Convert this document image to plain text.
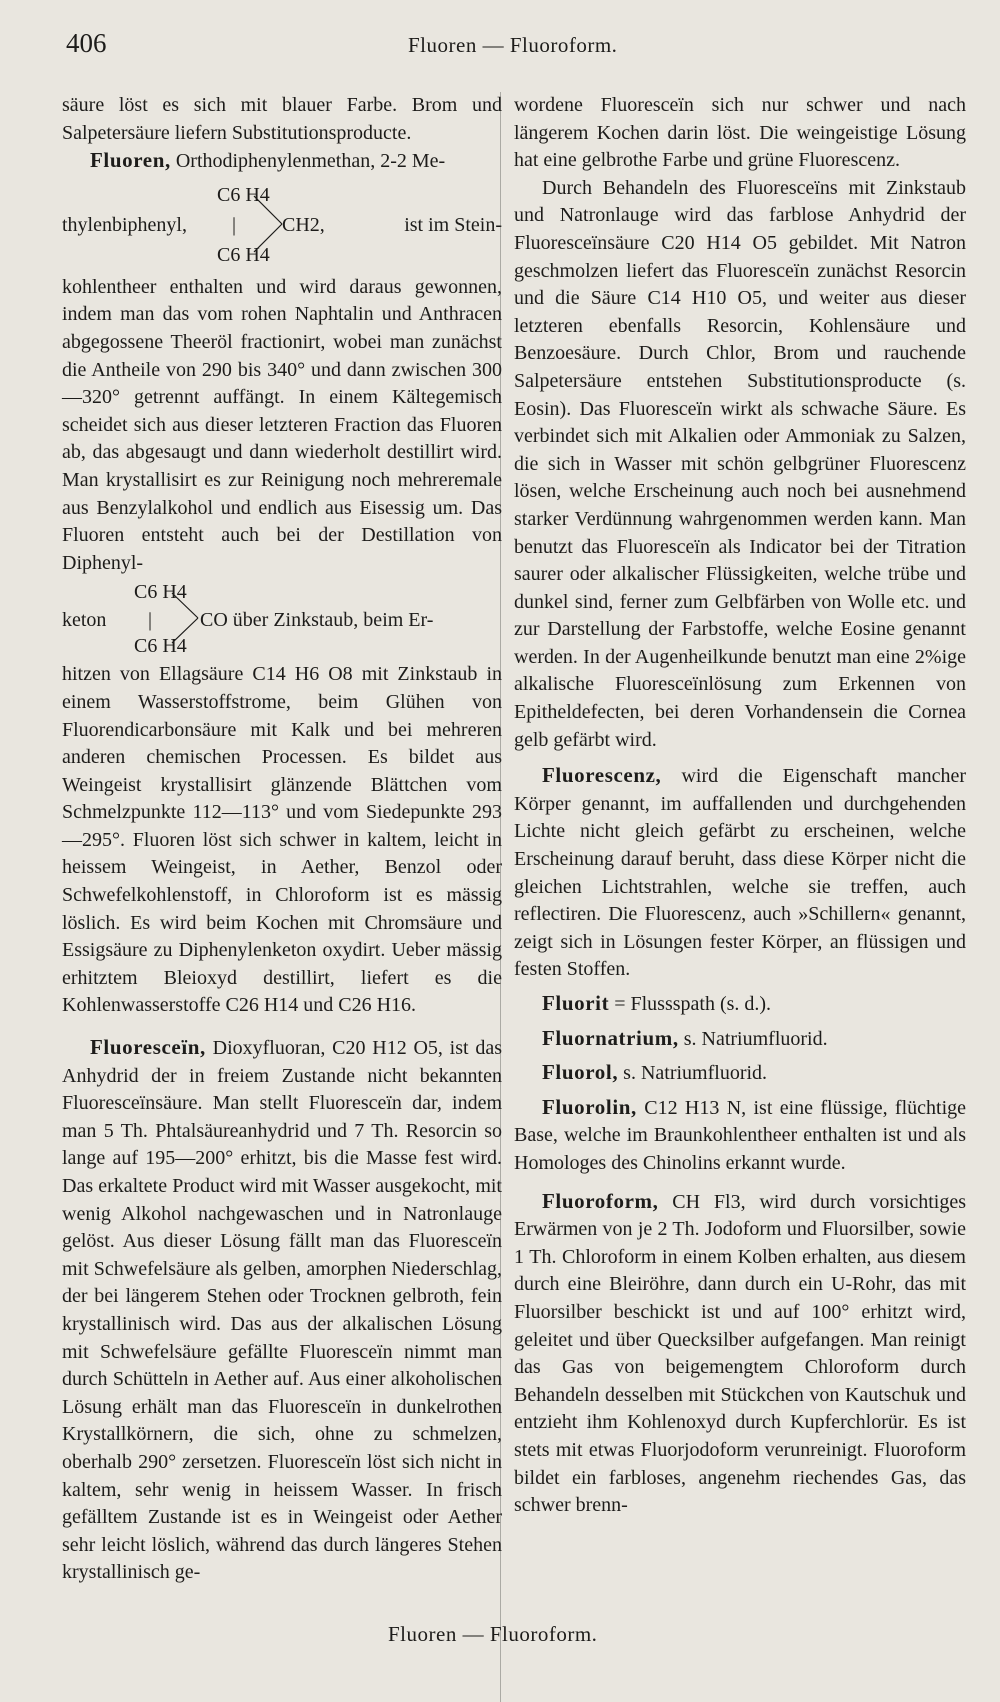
406	Fluoren — Fluoroform.

säure löst es sich mit blauer Farbe. Brom und Salpetersäure liefern Substitutionsproducte.

Fluoren, Orthodiphenylenmethan, 2-2 Me-

thylenbiphenyl,
C6 H4
|
C6 H4
CH2,	ist im Stein-

kohlentheer enthalten und wird daraus gewonnen, indem man das vom rohen Naphtalin und Anthracen abgegossene Theeröl fractionirt, wobei man zunächst die Antheile von 290 bis 340° und dann zwischen 300—320° getrennt auffängt. In einem Kältegemisch scheidet sich aus dieser letzteren Fraction das Fluoren ab, das abgesaugt und dann wiederholt destillirt wird. Man krystallisirt es zur Reinigung noch mehreremale aus Benzylalkohol und endlich aus Eisessig um. Das Fluoren entsteht auch bei der Destillation von Diphenyl-

keton
C6 H4
|
C6 H4
CO über Zinkstaub, beim Er-

hitzen von Ellagsäure C14 H6 O8 mit Zinkstaub in einem Wasserstoffstrome, beim Glühen von Fluorendicarbonsäure mit Kalk und bei mehreren anderen chemischen Processen. Es bildet aus Weingeist krystallisirt glänzende Blättchen vom Schmelzpunkte 112—113° und vom Siedepunkte 293—295°. Fluoren löst sich schwer in kaltem, leicht in heissem Weingeist, in Aether, Benzol oder Schwefelkohlenstoff, in Chloroform ist es mässig löslich. Es wird beim Kochen mit Chromsäure und Essigsäure zu Diphenylenketon oxydirt. Ueber mässig erhitztem Bleioxyd destillirt, liefert es die Kohlenwasserstoffe C26 H14 und C26 H16.

Fluoresceïn, Dioxyfluoran, C20 H12 O5, ist das Anhydrid der in freiem Zustande nicht bekannten Fluoresceïnsäure. Man stellt Fluoresceïn dar, indem man 5 Th. Phtalsäureanhydrid und 7 Th. Resorcin so lange auf 195—200° erhitzt, bis die Masse fest wird. Das erkaltete Product wird mit Wasser ausgekocht, mit wenig Alkohol nachgewaschen und in Natronlauge gelöst. Aus dieser Lösung fällt man das Fluoresceïn mit Schwefelsäure als gelben, amorphen Niederschlag, der bei längerem Stehen oder Trocknen gelbroth, fein krystallinisch wird. Das aus der alkalischen Lösung mit Schwefelsäure gefällte Fluoresceïn nimmt man durch Schütteln in Aether auf. Aus einer alkoholischen Lösung erhält man das Fluoresceïn in dunkelrothen Krystallkörnern, die sich, ohne zu schmelzen, oberhalb 290° zersetzen. Fluoresceïn löst sich nicht in kaltem, sehr wenig in heissem Wasser. In frisch gefälltem Zustande ist es in Weingeist oder Aether sehr leicht löslich, während das durch längeres Stehen krystallinisch ge-

wordene Fluoresceïn sich nur schwer und nach längerem Kochen darin löst. Die weingeistige Lösung hat eine gelbrothe Farbe und grüne Fluorescenz.

Durch Behandeln des Fluoresceïns mit Zinkstaub und Natronlauge wird das farblose Anhydrid der Fluoresceïnsäure C20 H14 O5 gebildet. Mit Natron geschmolzen liefert das Fluoresceïn zunächst Resorcin und die Säure C14 H10 O5, und weiter aus dieser letzteren ebenfalls Resorcin, Kohlensäure und Benzoesäure. Durch Chlor, Brom und rauchende Salpetersäure entstehen Substitutionsproducte (s. Eosin). Das Fluoresceïn wirkt als schwache Säure. Es verbindet sich mit Alkalien oder Ammoniak zu Salzen, die sich in Wasser mit schön gelbgrüner Fluorescenz lösen, welche Erscheinung auch noch bei ausnehmend starker Verdünnung wahrgenommen werden kann. Man benutzt das Fluoresceïn als Indicator bei der Titration saurer oder alkalischer Flüssigkeiten, welche trübe und dunkel sind, ferner zum Gelbfärben von Wolle etc. und zur Darstellung der Farbstoffe, welche Eosine genannt werden. In der Augenheilkunde benutzt man eine 2%ige alkalische Fluoresceïnlösung zum Erkennen von Epitheldefecten, bei deren Vorhandensein die Cornea gelb gefärbt wird.

Fluorescenz, wird die Eigenschaft mancher Körper genannt, im auffallenden und durchgehenden Lichte nicht gleich gefärbt zu erscheinen, welche Erscheinung darauf beruht, dass diese Körper nicht die gleichen Lichtstrahlen, welche sie treffen, auch reflectiren. Die Fluorescenz, auch »Schillern« genannt, zeigt sich in Lösungen fester Körper, an flüssigen und festen Stoffen.

Fluorit = Flussspath (s. d.).

Fluornatrium, s. Natriumfluorid.

Fluorol, s. Natriumfluorid.

Fluorolin, C12 H13 N, ist eine flüssige, flüchtige Base, welche im Braunkohlentheer enthalten ist und als Homologes des Chinolins erkannt wurde.

Fluoroform, CH Fl3, wird durch vorsichtiges Erwärmen von je 2 Th. Jodoform und Fluorsilber, sowie 1 Th. Chloroform in einem Kolben erhalten, aus diesem durch eine Bleiröhre, dann durch ein U-Rohr, das mit Fluorsilber beschickt ist und auf 100° erhitzt wird, geleitet und über Quecksilber aufgefangen. Man reinigt das Gas von beigemengtem Chloroform durch Behandeln desselben mit Stückchen von Kautschuk und entzieht ihm Kohlenoxyd durch Kupferchlorür. Es ist stets mit etwas Fluorjodoform verunreinigt. Fluoroform bildet ein farbloses, angenehm riechendes Gas, das schwer brenn-

Fluoren — Fluoroform.
